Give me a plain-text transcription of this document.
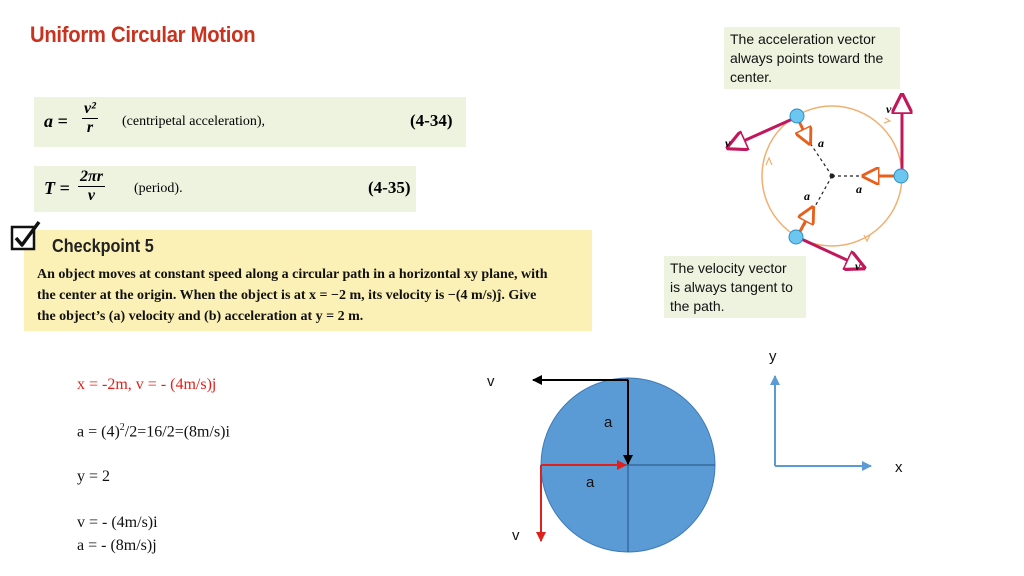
Uniform Circular Motion
$a = \frac{\text{v²}}{r}$ (centripetal acceleration),	(4-34)
$T = \frac{2\pi r}{v}$ (period).	(4-35)
Checkpoint 5
An object moves at constant speed along a circular path in a horizontal xy plane, with
the center at the origin. When the object is at x = −2 m, its velocity is −(4 m/s)ĵ. Give
the object’s (a) velocity and (b) acceleration at y = 2 m.
The acceleration vector always points toward the center.
The velocity vector is always tangent to the path.
v⃗
v⃗
v⃗
a⃗
a⃗
a⃗
x = -2m, v = - (4m/s)j
$a = (4)^2/2=16/2=(8m/s)i$
y = 2
v = - (4m/s)i
a = - (8m/s)j
v
a
a
v
y
x
